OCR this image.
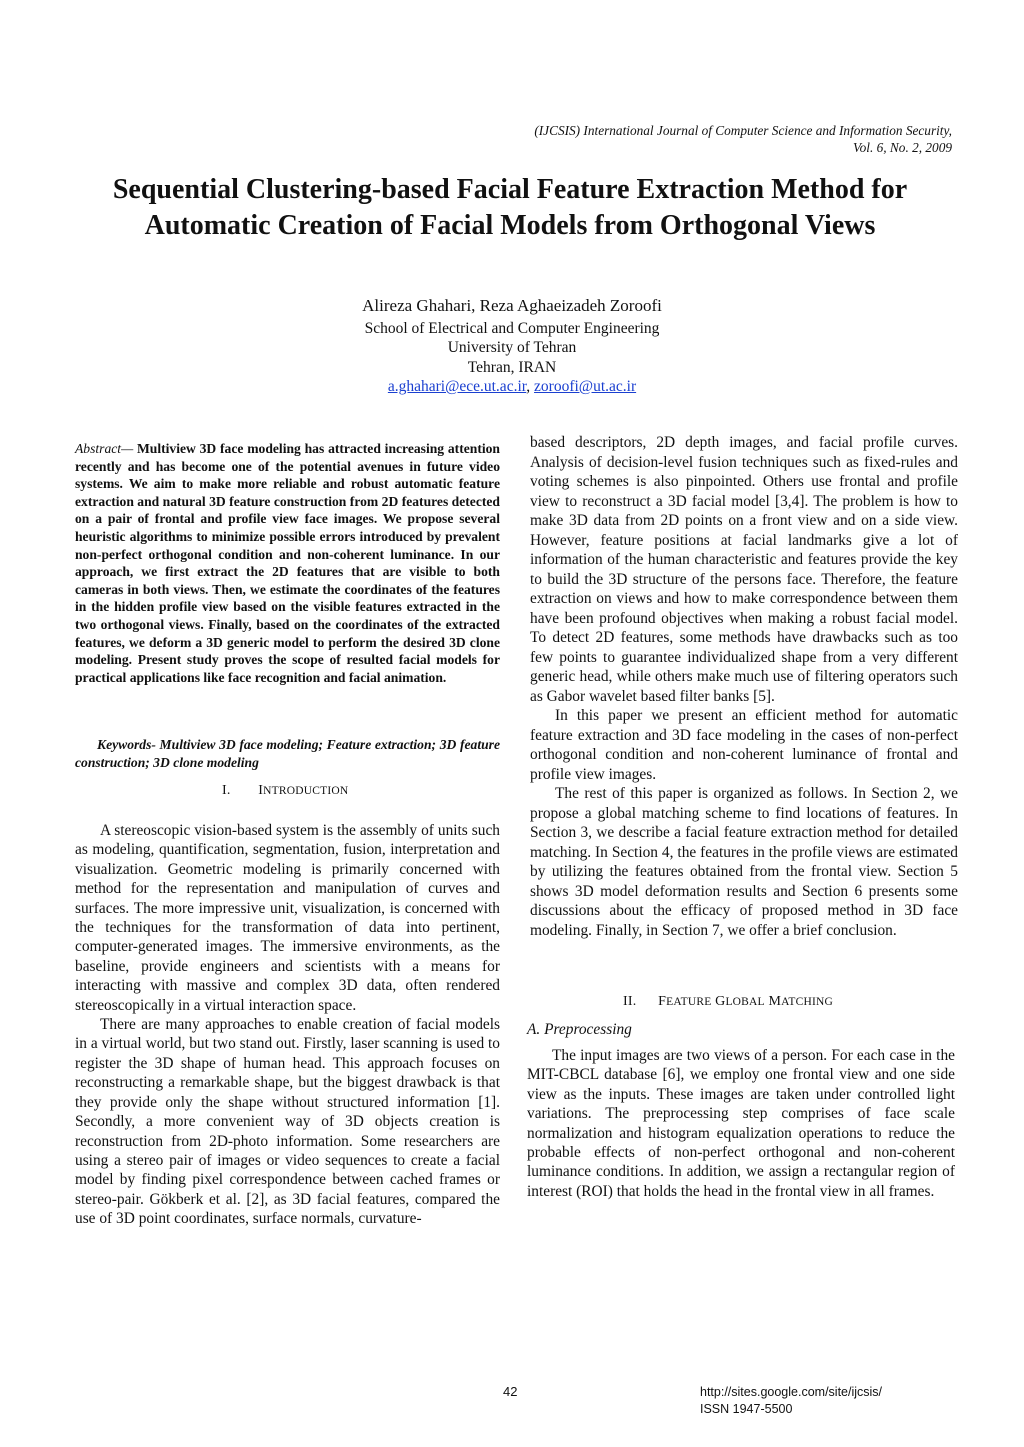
(IJCSIS) International Journal of Computer Science and Information Security,
Vol. 6, No. 2, 2009
Sequential Clustering-based Facial Feature Extraction Method for
Automatic Creation of Facial Models from Orthogonal Views
Alireza Ghahari, Reza Aghaeizadeh Zoroofi
School of Electrical and Computer Engineering
University of Tehran
Tehran, IRAN
a.ghahari@ece.ut.ac.ir, zoroofi@ut.ac.ir
Abstract— Multiview 3D face modeling has attracted increasing attention recently and has become one of the potential avenues in future video systems. We aim to make more reliable and robust automatic feature extraction and natural 3D feature construction from 2D features detected on a pair of frontal and profile view face images. We propose several heuristic algorithms to minimize possible errors introduced by prevalent non-perfect orthogonal condition and non-coherent luminance. In our approach, we first extract the 2D features that are visible to both cameras in both views. Then, we estimate the coordinates of the features in the hidden profile view based on the visible features extracted in the two orthogonal views. Finally, based on the coordinates of the extracted features, we deform a 3D generic model to perform the desired 3D clone modeling. Present study proves the scope of resulted facial models for practical applications like face recognition and facial animation.
Keywords- Multiview 3D face modeling; Feature extraction; 3D feature construction; 3D clone modeling
I. INTRODUCTION

A stereoscopic vision-based system is the assembly of units such as modeling, quantification, segmentation, fusion, interpretation and visualization. Geometric modeling is primarily concerned with method for the representation and manipulation of curves and surfaces. The more impressive unit, visualization, is concerned with the techniques for the transformation of data into pertinent, computer-generated images. The immersive environments, as the baseline, provide engineers and scientists with a means for interacting with massive and complex 3D data, often rendered stereoscopically in a virtual interaction space.

There are many approaches to enable creation of facial models in a virtual world, but two stand out. Firstly, laser scanning is used to register the 3D shape of human head. This approach focuses on reconstructing a remarkable shape, but the biggest drawback is that they provide only the shape without structured information [1]. Secondly, a more convenient way of 3D objects creation is reconstruction from 2D-photo information. Some researchers are using a stereo pair of images or video sequences to create a facial model by finding pixel correspondence between cached frames or stereo-pair. Gökberk et al. [2], as 3D facial features, compared the use of 3D point coordinates, surface normals, curvature-

based descriptors, 2D depth images, and facial profile curves. Analysis of decision-level fusion techniques such as fixed-rules and voting schemes is also pinpointed. Others use frontal and profile view to reconstruct a 3D facial model [3,4]. The problem is how to make 3D data from 2D points on a front view and on a side view. However, feature positions at facial landmarks give a lot of information of the human characteristic and features provide the key to build the 3D structure of the persons face. Therefore, the feature extraction on views and how to make correspondence between them have been profound objectives when making a robust facial model. To detect 2D features, some methods have drawbacks such as too few points to guarantee individualized shape from a very different generic head, while others make much use of filtering operators such as Gabor wavelet based filter banks [5].

In this paper we present an efficient method for automatic feature extraction and 3D face modeling in the cases of non-perfect orthogonal condition and non-coherent luminance of frontal and profile view images.

The rest of this paper is organized as follows. In Section 2, we propose a global matching scheme to find locations of features. In Section 3, we describe a facial feature extraction method for detailed matching. In Section 4, the features in the profile views are estimated by utilizing the features obtained from the frontal view. Section 5 shows 3D model deformation results and Section 6 presents some discussions about the efficacy of proposed method in 3D face modeling. Finally, in Section 7, we offer a brief conclusion.

II. FEATURE GLOBAL MATCHING
A. Preprocessing

The input images are two views of a person. For each case in the MIT-CBCL database [6], we employ one frontal view and one side view as the inputs. These images are taken under controlled light variations. The preprocessing step comprises of face scale normalization and histogram equalization operations to reduce the probable effects of non-perfect orthogonal and non-coherent luminance conditions. In addition, we assign a rectangular region of interest (ROI) that holds the head in the frontal view in all frames.

42	http://sites.google.com/site/ijcsis/
ISSN 1947-5500
